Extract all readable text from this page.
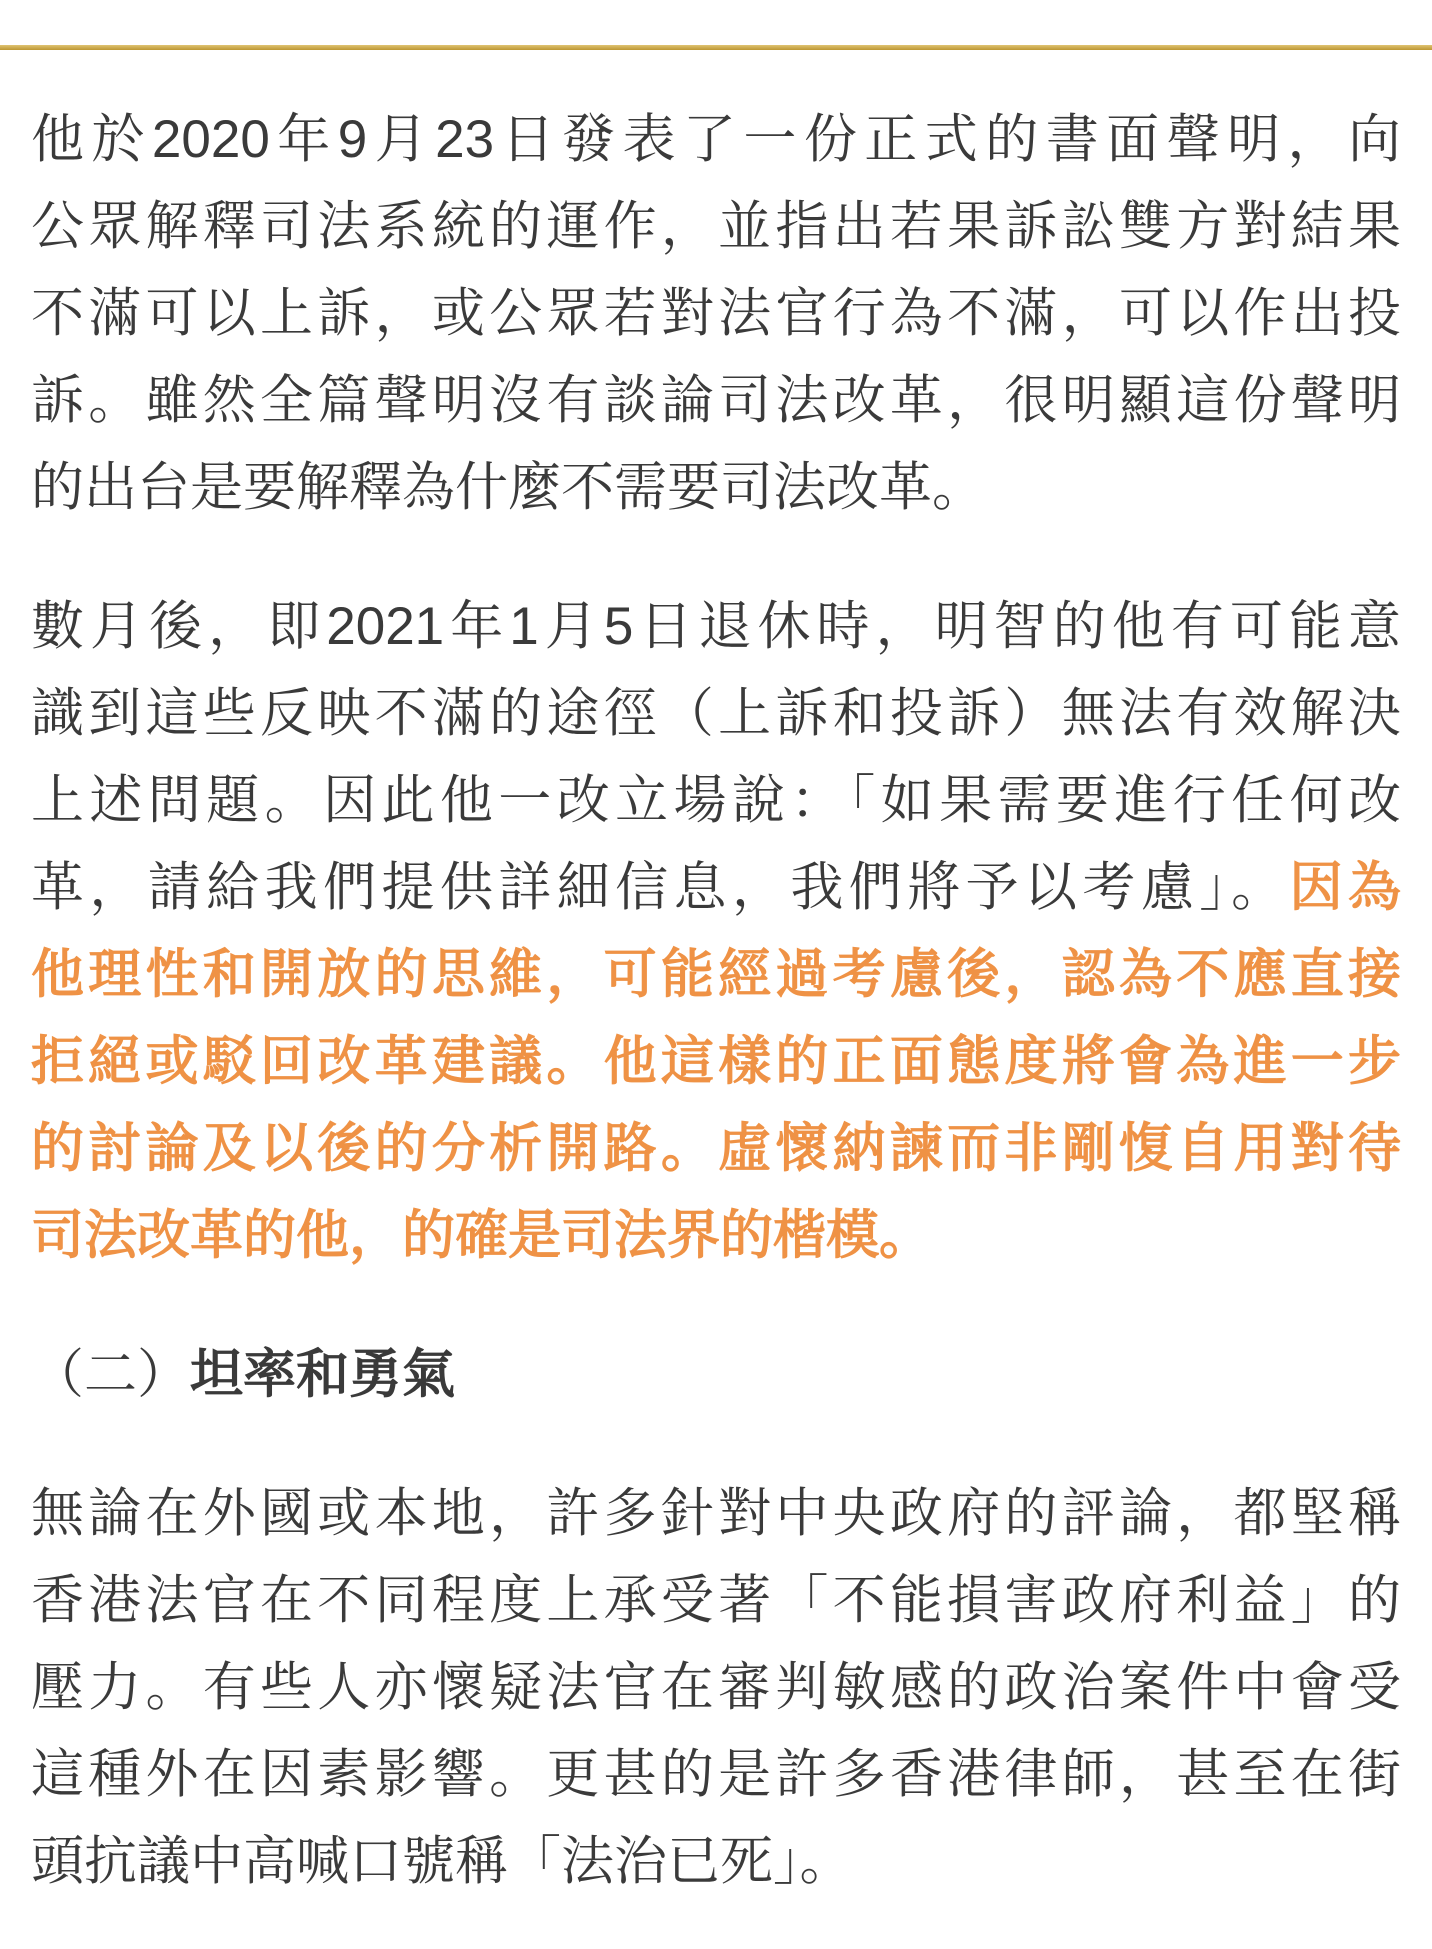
他於2020年9月23日發表了一份正式的書面聲明，向
公眾解釋司法系統的運作，並指出若果訴訟雙方對結果
不滿可以上訴，或公眾若對法官行為不滿，可以作出投
訴。雖然全篇聲明沒有談論司法改革，很明顯這份聲明
的出台是要解釋為什麼不需要司法改革。
數月後，即2021年1月5日退休時，明智的他有可能意
識到這些反映不滿的途徑（上訴和投訴）無法有效解決
上述問題。因此他一改立場說：「如果需要進行任何改
革，請給我們提供詳細信息，我們將予以考慮」。因為
他理性和開放的思維，可能經過考慮後，認為不應直接
拒絕或駁回改革建議。他這樣的正面態度將會為進一步
的討論及以後的分析開路。虛懷納諫而非剛愎自用對待
司法改革的他，的確是司法界的楷模。
（二）坦率和勇氣
無論在外國或本地，許多針對中央政府的評論，都堅稱
香港法官在不同程度上承受著「不能損害政府利益」的
壓力。有些人亦懷疑法官在審判敏感的政治案件中會受
這種外在因素影響。更甚的是許多香港律師，甚至在街
頭抗議中高喊口號稱「法治已死」。
